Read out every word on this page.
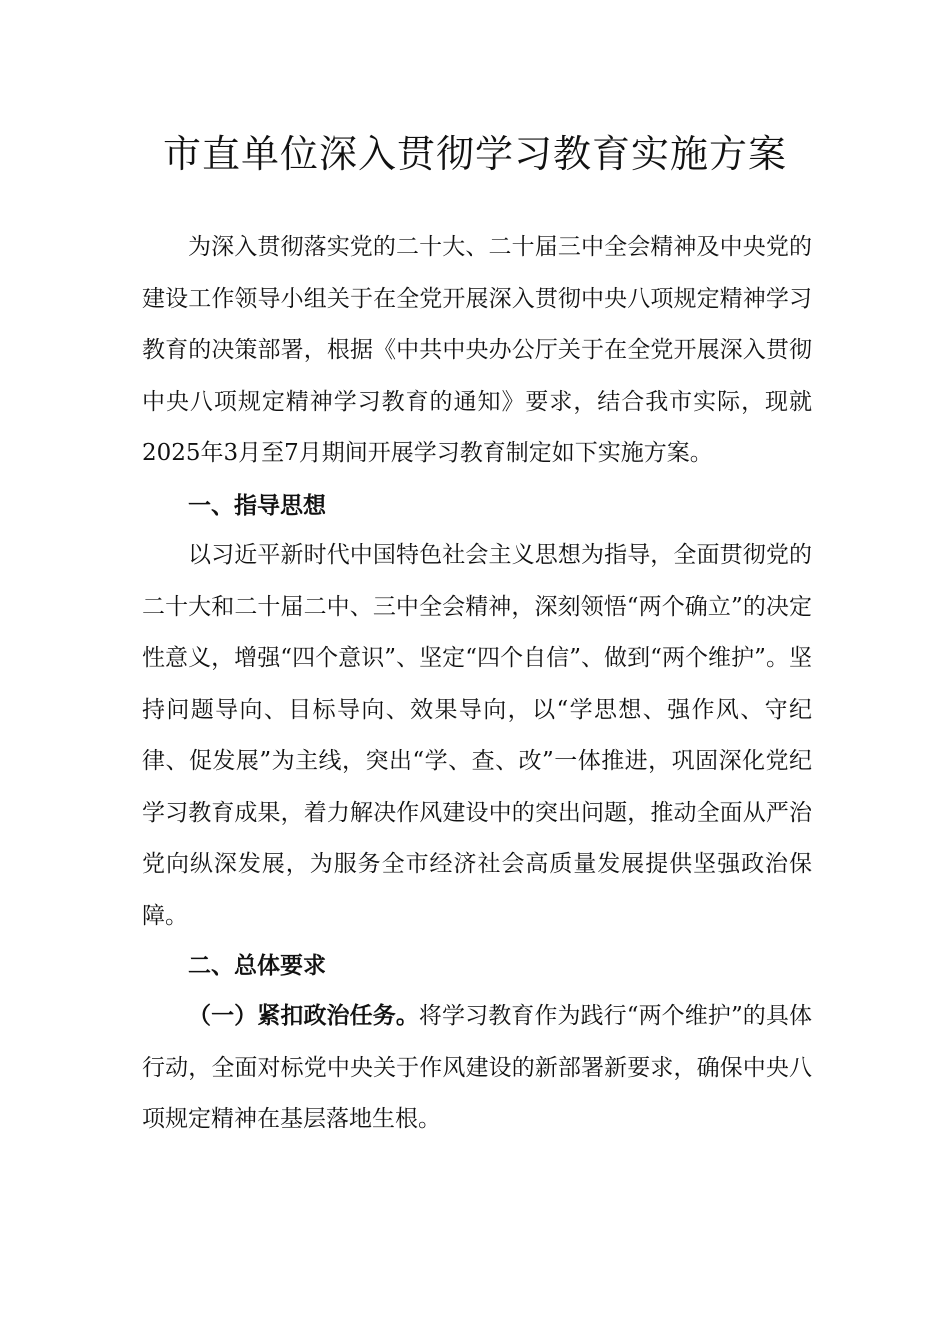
市直单位深入贯彻学习教育实施方案

为深入贯彻落实党的二十大、二十届三中全会精神及中央党的建设工作领导小组关于在全党开展深入贯彻中央八项规定精神学习教育的决策部署，根据《中共中央办公厅关于在全党开展深入贯彻中央八项规定精神学习教育的通知》要求，结合我市实际，现就2025年3月至7月期间开展学习教育制定如下实施方案。

一、指导思想

以习近平新时代中国特色社会主义思想为指导，全面贯彻党的二十大和二十届二中、三中全会精神，深刻领悟“两个确立”的决定性意义，增强“四个意识”、坚定“四个自信”、做到“两个维护”。坚持问题导向、目标导向、效果导向，以“学思想、强作风、守纪律、促发展”为主线，突出“学、查、改”一体推进，巩固深化党纪学习教育成果，着力解决作风建设中的突出问题，推动全面从严治党向纵深发展，为服务全市经济社会高质量发展提供坚强政治保障。

二、总体要求

（一）紧扣政治任务。将学习教育作为践行“两个维护”的具体行动，全面对标党中央关于作风建设的新部署新要求，确保中央八项规定精神在基层落地生根。
